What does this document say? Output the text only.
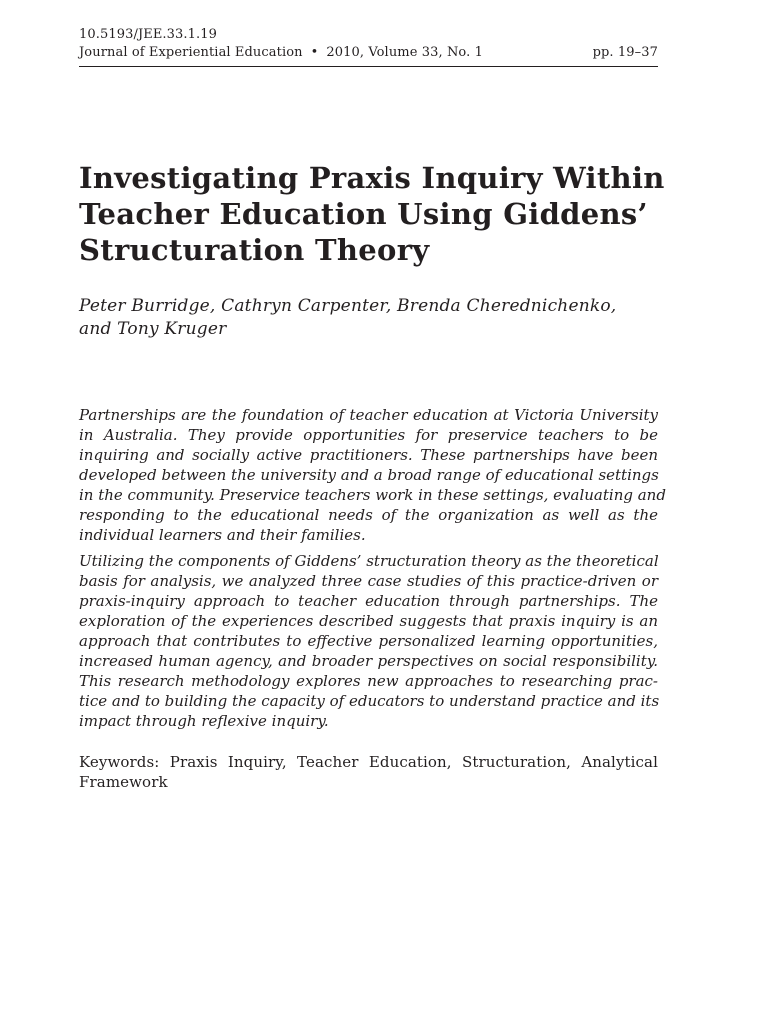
10.5193/JEE.33.1.19
Journal of Experiential Education • 2010, Volume 33, No. 1	pp. 19–37
Investigating Praxis Inquiry Within
Teacher Education Using Giddens’
Structuration Theory
Peter Burridge, Cathryn Carpenter, Brenda Cherednichenko,
and Tony Kruger

Partnerships are the foundation of teacher education at Victoria University
in Australia. They provide opportunities for preservice teachers to be
inquiring and socially active practitioners. These partnerships have been
developed between the university and a broad range of educational settings
in the community. Preservice teachers work in these settings, evaluating and
responding to the educational needs of the organization as well as the
individual learners and their families.

Utilizing the components of Giddens’ structuration theory as the theoretical
basis for analysis, we analyzed three case studies of this practice-driven or
praxis-inquiry approach to teacher education through partnerships. The
exploration of the experiences described suggests that praxis inquiry is an
approach that contributes to effective personalized learning opportunities,
increased human agency, and broader perspectives on social responsibility.
This research methodology explores new approaches to researching prac-
tice and to building the capacity of educators to understand practice and its
impact through reflexive inquiry.

Keywords: Praxis Inquiry, Teacher Education, Structuration, Analytical
Framework
